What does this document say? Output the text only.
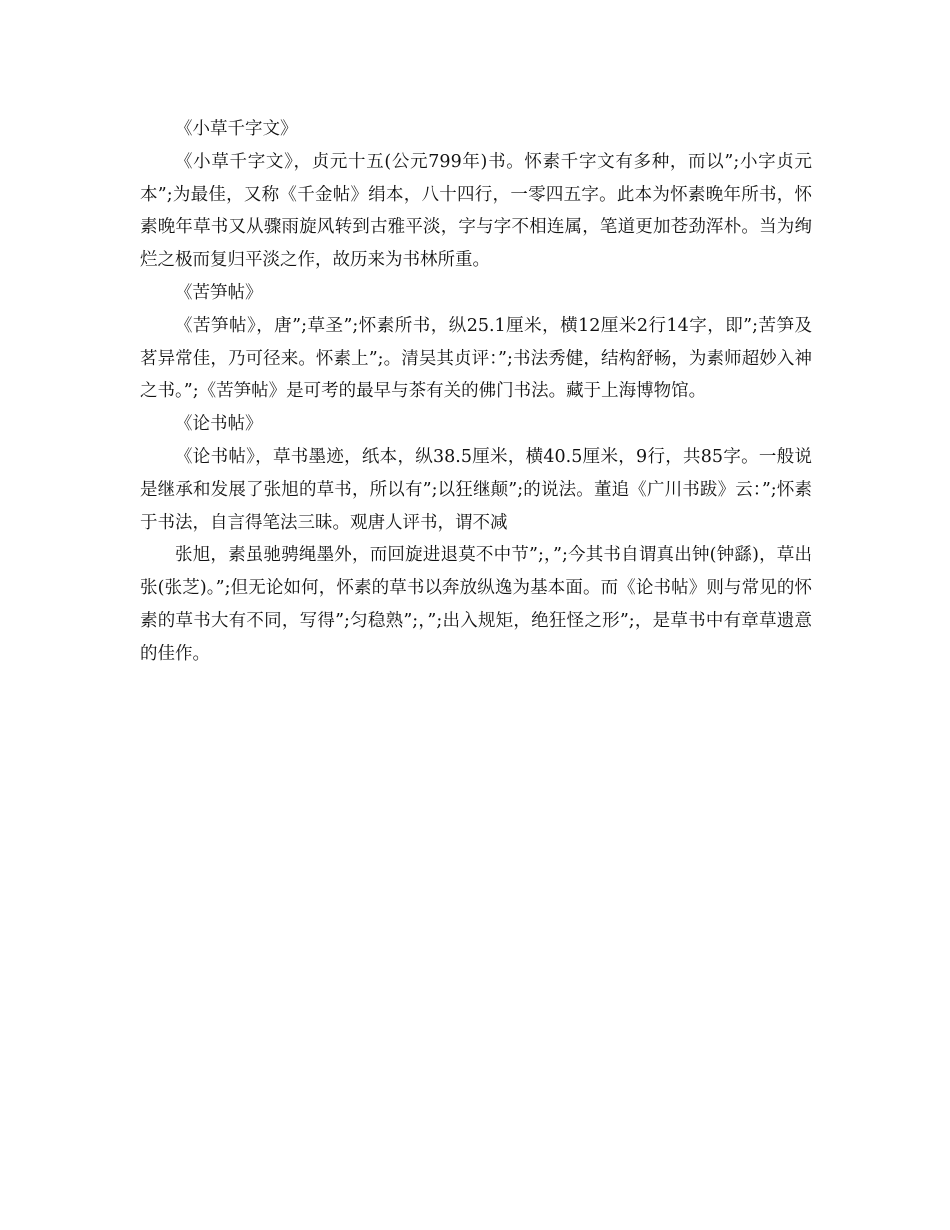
《小草千字文》

《小草千字文》，贞元十五(公元799年)书。怀素千字文有多种，而以”;小字贞元本”;为最佳，又称《千金帖》绢本，八十四行，一零四五字。此本为怀素晚年所书，怀素晚年草书又从骤雨旋风转到古雅平淡，字与字不相连属，笔道更加苍劲浑朴。当为绚烂之极而复归平淡之作，故历来为书林所重。

《苦笋帖》

《苦笋帖》，唐”;草圣”;怀素所书，纵25.1厘米，横12厘米2行14字，即”;苦笋及茗异常佳，乃可径来。怀素上”;。清吴其贞评：”;书法秀健，结构舒畅，为素师超妙入神之书。”;《苦笋帖》是可考的最早与茶有关的佛门书法。藏于上海博物馆。

《论书帖》

《论书帖》，草书墨迹，纸本，纵38.5厘米，横40.5厘米，9行，共85字。一般说是继承和发展了张旭的草书，所以有”;以狂继颠”;的说法。董追《广川书跋》云：”;怀素于书法，自言得笔法三昧。观唐人评书，谓不减

张旭，素虽驰骋绳墨外，而回旋进退莫不中节”;，”;今其书自谓真出钟(钟繇)，草出张(张芝)。”;但无论如何，怀素的草书以奔放纵逸为基本面。而《论书帖》则与常见的怀素的草书大有不同，写得”;匀稳熟”;，”;出入规矩，绝狂怪之形”;，是草书中有章草遗意的佳作。
